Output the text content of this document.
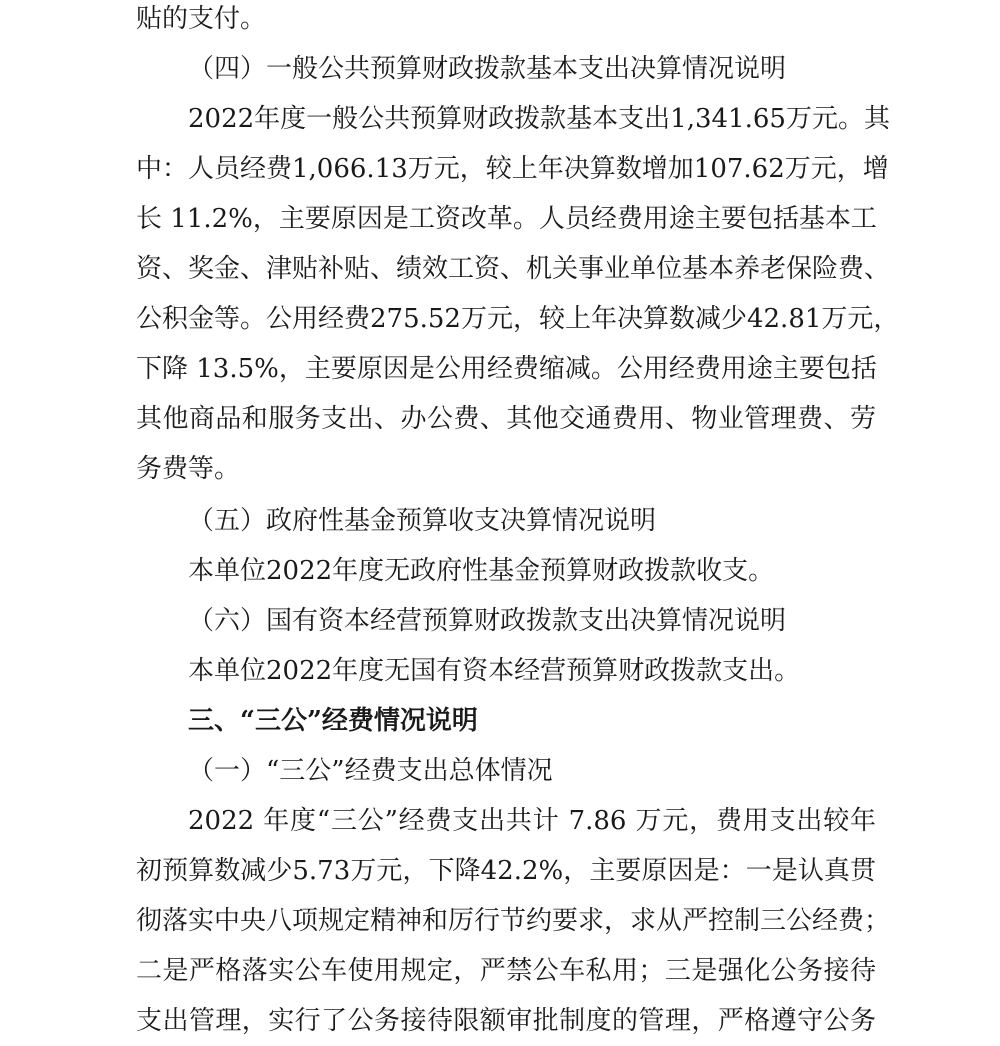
贴的支付。
（四）一般公共预算财政拨款基本支出决算情况说明
2022年度一般公共预算财政拨款基本支出1,341.65万元。其
中：人员经费1,066.13万元，较上年决算数增加107.62万元，增
长 11.2%，主要原因是工资改革。人员经费用途主要包括基本工
资、奖金、津贴补贴、绩效工资、机关事业单位基本养老保险费、
公积金等。公用经费275.52万元，较上年决算数减少42.81万元，
下降 13.5%，主要原因是公用经费缩减。公用经费用途主要包括
其他商品和服务支出、办公费、其他交通费用、物业管理费、劳
务费等。
（五）政府性基金预算收支决算情况说明
本单位2022年度无政府性基金预算财政拨款收支。
（六）国有资本经营预算财政拨款支出决算情况说明
本单位2022年度无国有资本经营预算财政拨款支出。
三、“三公”经费情况说明
（一）“三公”经费支出总体情况
2022 年度“三公”经费支出共计 7.86 万元，费用支出较年
初预算数减少5.73万元，下降42.2%，主要原因是：一是认真贯
彻落实中央八项规定精神和厉行节约要求，求从严控制三公经费；
二是严格落实公车使用规定，严禁公车私用；三是强化公务接待
支出管理，实行了公务接待限额审批制度的管理，严格遵守公务
